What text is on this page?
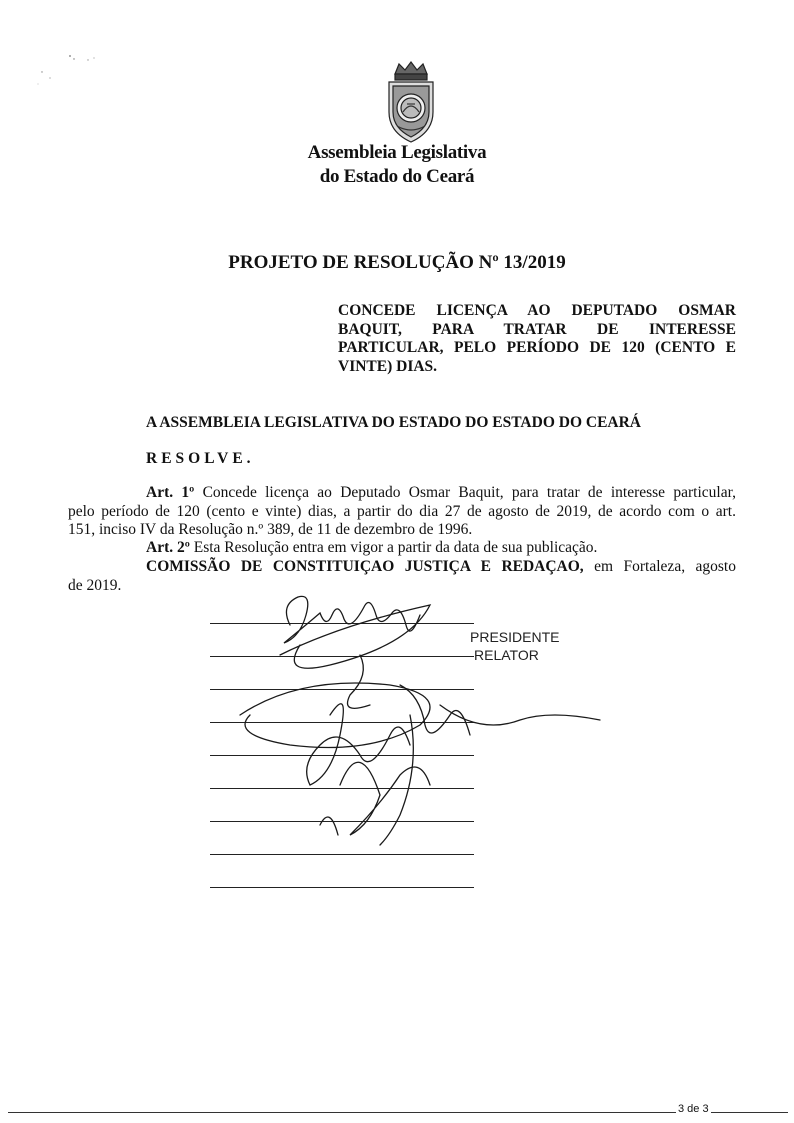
Assembleia Legislativa
do Estado do Ceará
PROJETO DE RESOLUÇÃO Nº 13/2019
CONCEDE LICENÇA AO DEPUTADO OSMAR
BAQUIT, PARA TRATAR DE INTERESSE
PARTICULAR, PELO PERÍODO DE 120 (CENTO E
VINTE) DIAS.
A ASSEMBLEIA LEGISLATIVA DO ESTADO DO ESTADO DO CEARÁ
RESOLVE.
Art. 1º Concede licença ao Deputado Osmar Baquit, para tratar de interesse particular,
pelo período de 120 (cento e vinte) dias, a partir do dia 27 de agosto de 2019, de acordo com o art.
151, inciso IV da Resolução n.º 389, de 11 de dezembro de 1996.
Art. 2º Esta Resolução entra em vigor a partir da data de sua publicação.
COMISSÃO DE CONSTITUIÇAO JUSTIÇA E REDAÇAO, em Fortaleza, agosto
de 2019.
PRESIDENTE
RELATOR
3 de 3
